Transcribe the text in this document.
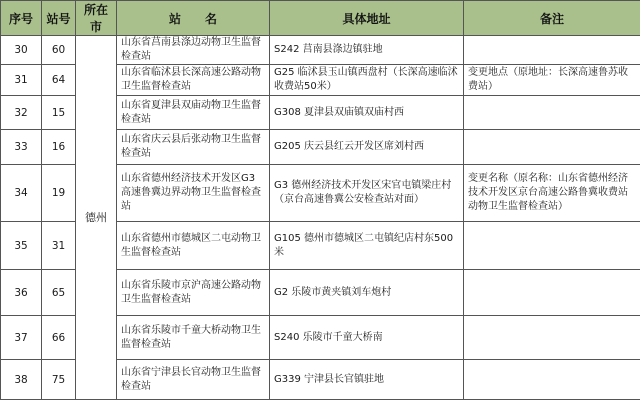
序号	站号	所在市	站　　名	具体地址	备注
30	60	德州	山东省莒南县涤边动物卫生监督检查站	S242 莒南县涤边镇驻地	
31	64		山东省临沭县长深高速公路动物卫生监督检查站	G25 临沭县玉山镇西盘村（长深高速临沭收费站50米）	变更地点（原地址：长深高速鲁苏收费站）
32	15		山东省夏津县双庙动物卫生监督检查站	G308 夏津县双庙镇双庙村西	
33	16		山东省庆云县后张动物卫生监督检查站	G205 庆云县红云开发区席刘村西	
34	19		山东省德州经济技术开发区G3高速鲁冀边界动物卫生监督检查站	G3 德州经济技术开发区宋官屯镇梁庄村（京台高速鲁冀公安检查站对面）	变更名称（原名称：山东省德州经济技术开发区京台高速公路鲁冀收费站动物卫生监督检查站）
35	31		山东省德州市德城区二屯动物卫生监督检查站	G105 德州市德城区二屯镇纪店村东500米	
36	65		山东省乐陵市京沪高速公路动物卫生监督检查站	G2 乐陵市黄夹镇刘车炮村	
37	66		山东省乐陵市千童大桥动物卫生监督检查站	S240 乐陵市千童大桥南	
38	75		山东省宁津县长官动物卫生监督检查站	G339 宁津县长官镇驻地	
